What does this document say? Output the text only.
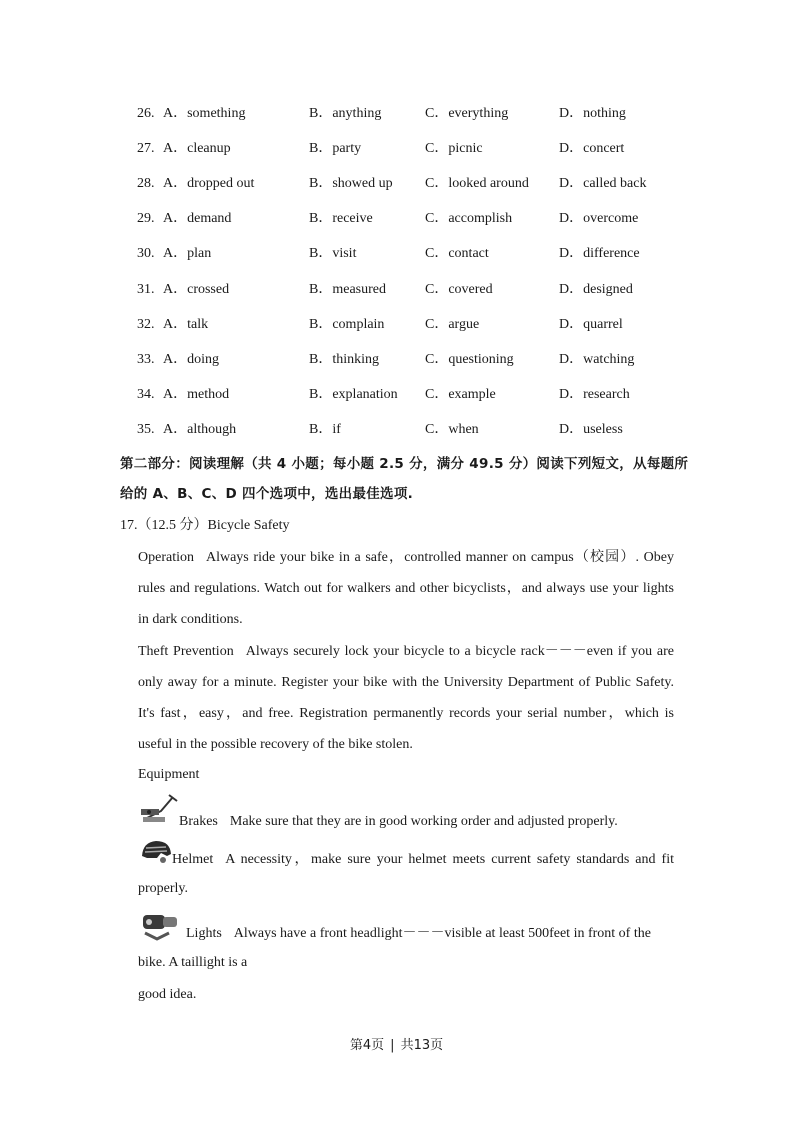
26. A．something	B．anything	C．everything	D．nothing
27. A．cleanup	B．party	C．picnic	D．concert
28. A．dropped out	B．showed up C．looked around D．called back
29. A．demand	B．receive	C．accomplish	D．overcome
30. A．plan	B．visit	C．contact	D．difference
31. A．crossed	B．measured	C．covered	D．designed
32. A．talk	B．complain	C．argue	D．quarrel
33. A．doing	B．thinking	C．questioning	D．watching
34. A．method	B．explanation C．example	D．research
35. A．although	B．if	C．when	D．useless
第二部分：阅读理解（共 4 小题；每小题 2.5 分，满分 49.5 分）阅读下列短文，从每题所
给的 A、B、C、D 四个选项中，选出最佳选项.
17.（12.5 分）Bicycle Safety
Operation Always ride your bike in a safe，controlled manner on campus（校园）. Obey rules and regulations. Watch out for walkers and other bicyclists，and always use your lights in dark conditions.
Theft Prevention Always securely lock your bicycle to a bicycle rack－－－even if you are only away for a minute. Register your bike with the University Department of Public Safety. It's fast，easy，and free. Registration permanently records your serial number，which is useful in the possible recovery of the bike stolen.
Equipment
Brakes Make sure that they are in good working order and adjusted properly.
Helmet A necessity，make sure your helmet meets current safety standards and fit properly.
Lights Always have a front headlight－－－visible at least 500feet in front of the
bike. A taillight is a
good idea.
第4页 | 共13页
